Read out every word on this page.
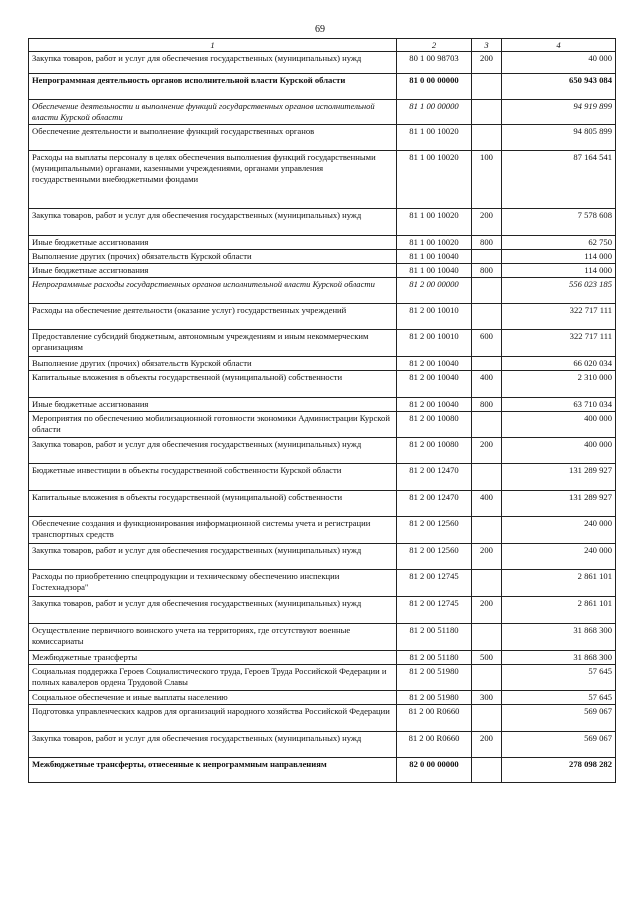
69
1	2	3	4
Закупка товаров, работ и услуг для обеспечения государственных (муниципальных) нужд	80 1 00 98703	200	40 000
Непрограммная деятельность органов исполнительной власти Курской области	81 0 00 00000		650 943 084
Обеспечение деятельности и выполнение функций государственных органов исполнительной власти Курской области	81 1 00 00000		94 919 899
Обеспечение деятельности и выполнение функций государственных органов	81 1 00 10020		94 805 899
Расходы на выплаты персоналу в целях обеспечения выполнения функций государственными (муниципальными) органами, казенными учреждениями, органами управления государственными внебюджетными фондами	81 1 00 10020	100	87 164 541
Закупка товаров, работ и услуг для обеспечения государственных (муниципальных) нужд	81 1 00 10020	200	7 578 608
Иные бюджетные ассигнования	81 1 00 10020	800	62 750
Выполнение других (прочих) обязательств Курской области	81 1 00 10040		114 000
Иные бюджетные ассигнования	81 1 00 10040	800	114 000
Непрограммные расходы государственных органов исполнительной власти Курской области	81 2 00 00000		556 023 185
Расходы на обеспечение деятельности (оказание услуг) государственных учреждений	81 2 00 10010		322 717 111
Предоставление субсидий бюджетным, автономным учреждениям и иным некоммерческим организациям	81 2 00 10010	600	322 717 111
Выполнение других (прочих) обязательств Курской области	81 2 00 10040		66 020 034
Капитальные вложения в объекты государственной (муниципальной) собственности	81 2 00 10040	400	2 310 000
Иные бюджетные ассигнования	81 2 00 10040	800	63 710 034
Мероприятия по обеспечению мобилизационной готовности экономики Администрации Курской области	81 2 00 10080		400 000
Закупка товаров, работ и услуг для обеспечения государственных (муниципальных) нужд	81 2 00 10080	200	400 000
Бюджетные инвестиции в объекты государственной собственности Курской области	81 2 00 12470		131 289 927
Капитальные вложения в объекты государственной (муниципальной) собственности	81 2 00 12470	400	131 289 927
Обеспечение создания и функционирования информационной системы учета и регистрации транспортных средств	81 2 00 12560		240 000
Закупка товаров, работ и услуг для обеспечения государственных (муниципальных) нужд	81 2 00 12560	200	240 000
Расходы по приобретению спецпродукции и техническому обеспечению инспекции Гостехнадзора"	81 2 00 12745		2 861 101
Закупка товаров, работ и услуг для обеспечения государственных (муниципальных) нужд	81 2 00 12745	200	2 861 101
Осуществление первичного воинского учета на территориях, где отсутствуют военные комиссариаты	81 2 00 51180		31 868 300
Межбюджетные трансферты	81 2 00 51180	500	31 868 300
Социальная поддержка Героев Социалистического труда, Героев Труда Российской Федерации и полных кавалеров ордена Трудовой Славы	81 2 00 51980		57 645
Социальное обеспечение и иные выплаты населению	81 2 00 51980	300	57 645
Подготовка управленческих кадров для организаций народного хозяйства Российской Федерации	81 2 00 R0660		569 067
Закупка товаров, работ и услуг для обеспечения государственных (муниципальных) нужд	81 2 00 R0660	200	569 067
Межбюджетные трансферты, отнесенные к непрограммным направлениям	82 0 00 00000		278 098 282
